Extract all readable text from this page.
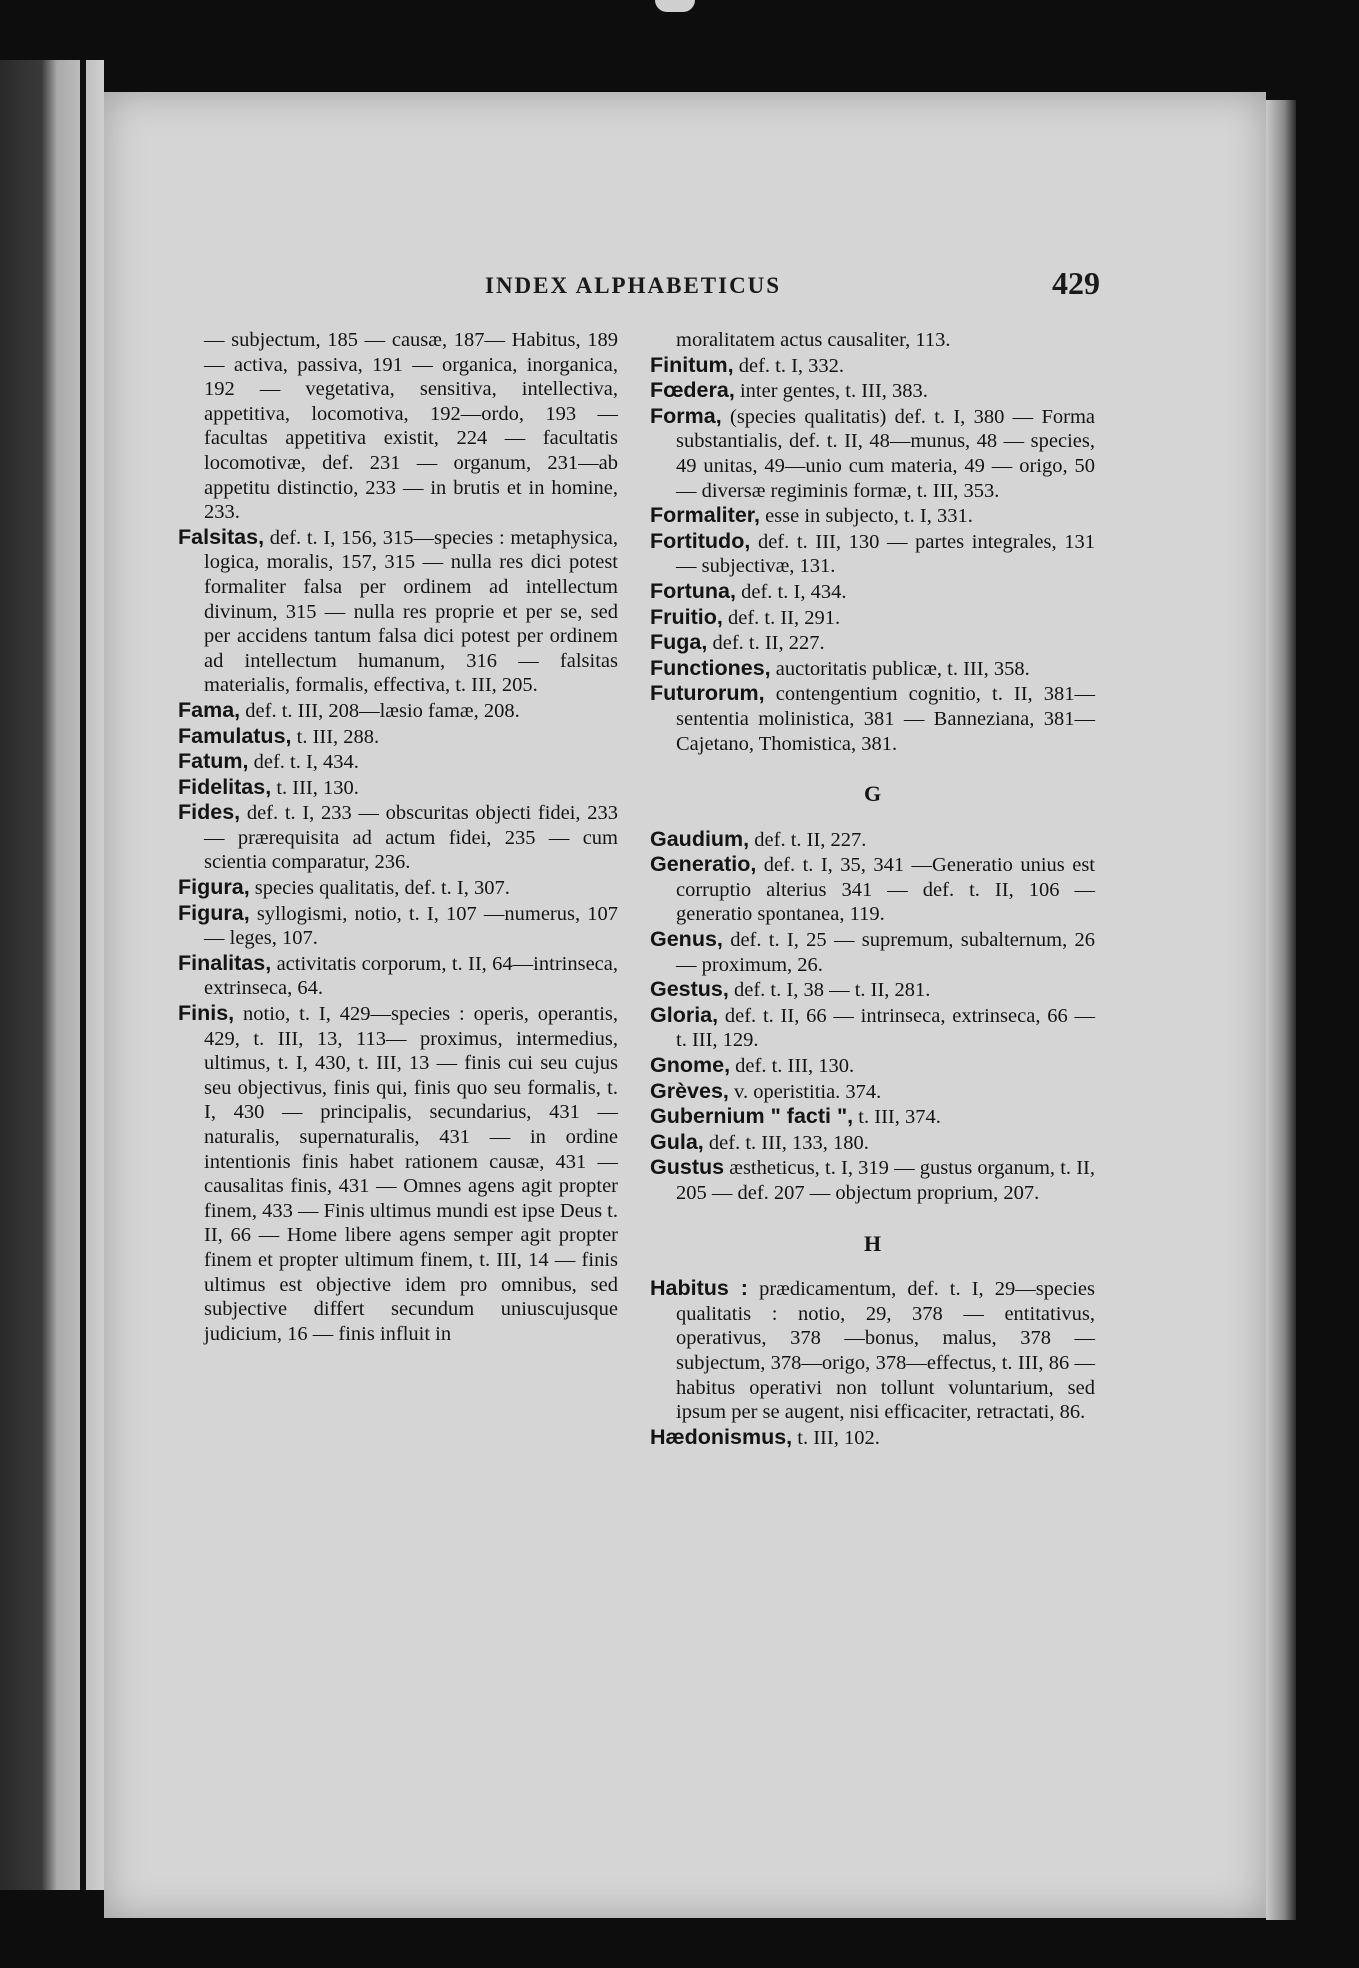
INDEX ALPHABETICUS	429

— subjectum, 185 — causæ, 187— Habitus, 189 — activa, passiva, 191 — organica, inorganica, 192 — vegetativa, sensitiva, intellectiva, appetitiva, locomotiva, 192—ordo, 193 — facultas appetitiva existit, 224 — facultatis locomotivæ, def. 231 — organum, 231—ab appetitu distinctio, 233 — in brutis et in homine, 233.

Falsitas, def. t. I, 156, 315—species : metaphysica, logica, moralis, 157, 315 — nulla res dici potest formaliter falsa per ordinem ad intellectum divinum, 315 — nulla res proprie et per se, sed per accidens tantum falsa dici potest per ordinem ad intellectum humanum, 316 — falsitas materialis, formalis, effectiva, t. III, 205.

Fama, def. t. III, 208—læsio famæ, 208.

Famulatus, t. III, 288.

Fatum, def. t. I, 434.

Fidelitas, t. III, 130.

Fides, def. t. I, 233 — obscuritas objecti fidei, 233 — prærequisita ad actum fidei, 235 — cum scientia comparatur, 236.

Figura, species qualitatis, def. t. I, 307.

Figura, syllogismi, notio, t. I, 107 —numerus, 107 — leges, 107.

Finalitas, activitatis corporum, t. II, 64—intrinseca, extrinseca, 64.

Finis, notio, t. I, 429—species : operis, operantis, 429, t. III, 13, 113— proximus, intermedius, ultimus, t. I, 430, t. III, 13 — finis cui seu cujus seu objectivus, finis qui, finis quo seu formalis, t. I, 430 — principalis, secundarius, 431 — naturalis, supernaturalis, 431 — in ordine intentionis finis habet rationem causæ, 431 — causalitas finis, 431 — Omnes agens agit propter finem, 433 — Finis ultimus mundi est ipse Deus t. II, 66 — Home libere agens semper agit propter finem et propter ultimum finem, t. III, 14 — finis ultimus est objective idem pro omnibus, sed subjective differt secundum uniuscujusque judicium, 16 — finis influit in

moralitatem actus causaliter, 113.

Finitum, def. t. I, 332.

Fœdera, inter gentes, t. III, 383.

Forma, (species qualitatis) def. t. I, 380 — Forma substantialis, def. t. II, 48—munus, 48 — species, 49 unitas, 49—unio cum materia, 49 — origo, 50 — diversæ regiminis formæ, t. III, 353.

Formaliter, esse in subjecto, t. I, 331.

Fortitudo, def. t. III, 130 — partes integrales, 131 — subjectivæ, 131.

Fortuna, def. t. I, 434.

Fruitio, def. t. II, 291.

Fuga, def. t. II, 227.

Functiones, auctoritatis publicæ, t. III, 358.

Futurorum, contengentium cognitio, t. II, 381—sententia molinistica, 381 — Banneziana, 381—Cajetano, Thomistica, 381.

G

Gaudium, def. t. II, 227.

Generatio, def. t. I, 35, 341 —Generatio unius est corruptio alterius 341 — def. t. II, 106 — generatio spontanea, 119.

Genus, def. t. I, 25 — supremum, subalternum, 26 — proximum, 26.

Gestus, def. t. I, 38 — t. II, 281.

Gloria, def. t. II, 66 — intrinseca, extrinseca, 66 — t. III, 129.

Gnome, def. t. III, 130.

Grèves, v. operistitia. 374.

Gubernium " facti ", t. III, 374.

Gula, def. t. III, 133, 180.

Gustus æstheticus, t. I, 319 — gustus organum, t. II, 205 — def. 207 — objectum proprium, 207.

H

Habitus : prædicamentum, def. t. I, 29—species qualitatis : notio, 29, 378 — entitativus, operativus, 378 —bonus, malus, 378 — subjectum, 378—origo, 378—effectus, t. III, 86 — habitus operativi non tollunt voluntarium, sed ipsum per se augent, nisi efficaciter, retractati, 86.

Hædonismus, t. III, 102.
